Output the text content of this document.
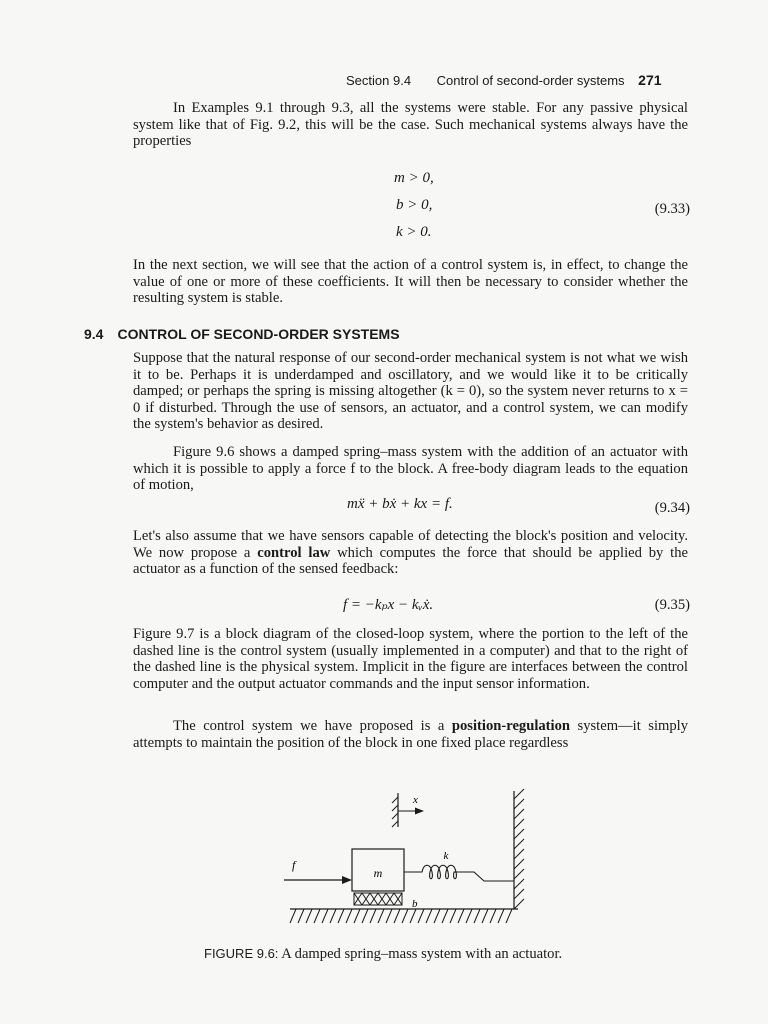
Section 9.4 Control of second-order systems 271

In Examples 9.1 through 9.3, all the systems were stable. For any passive physical system like that of Fig. 9.2, this will be the case. Such mechanical systems always have the properties

m > 0,
b > 0,	(9.33)
k > 0.

In the next section, we will see that the action of a control system is, in effect, to change the value of one or more of these coefficients. It will then be necessary to consider whether the resulting system is stable.

9.4 CONTROL OF SECOND-ORDER SYSTEMS

Suppose that the natural response of our second-order mechanical system is not what we wish it to be. Perhaps it is underdamped and oscillatory, and we would like it to be critically damped; or perhaps the spring is missing altogether (k = 0), so the system never returns to x = 0 if disturbed. Through the use of sensors, an actuator, and a control system, we can modify the system's behavior as desired.

Figure 9.6 shows a damped spring–mass system with the addition of an actuator with which it is possible to apply a force f to the block. A free-body diagram leads to the equation of motion,

mẍ + bẋ + kx = f.	(9.34)

Let's also assume that we have sensors capable of detecting the block's position and velocity. We now propose a control law which computes the force that should be applied by the actuator as a function of the sensed feedback:

f = −kₚx − kᵥẋ.	(9.35)

Figure 9.7 is a block diagram of the closed-loop system, where the portion to the left of the dashed line is the control system (usually implemented in a computer) and that to the right of the dashed line is the physical system. Implicit in the figure are interfaces between the control computer and the output actuator commands and the input sensor information.

The control system we have proposed is a position-regulation system—it simply attempts to maintain the position of the block in one fixed place regardless

m
b
k
f
x
FIGURE 9.6: A damped spring–mass system with an actuator.
